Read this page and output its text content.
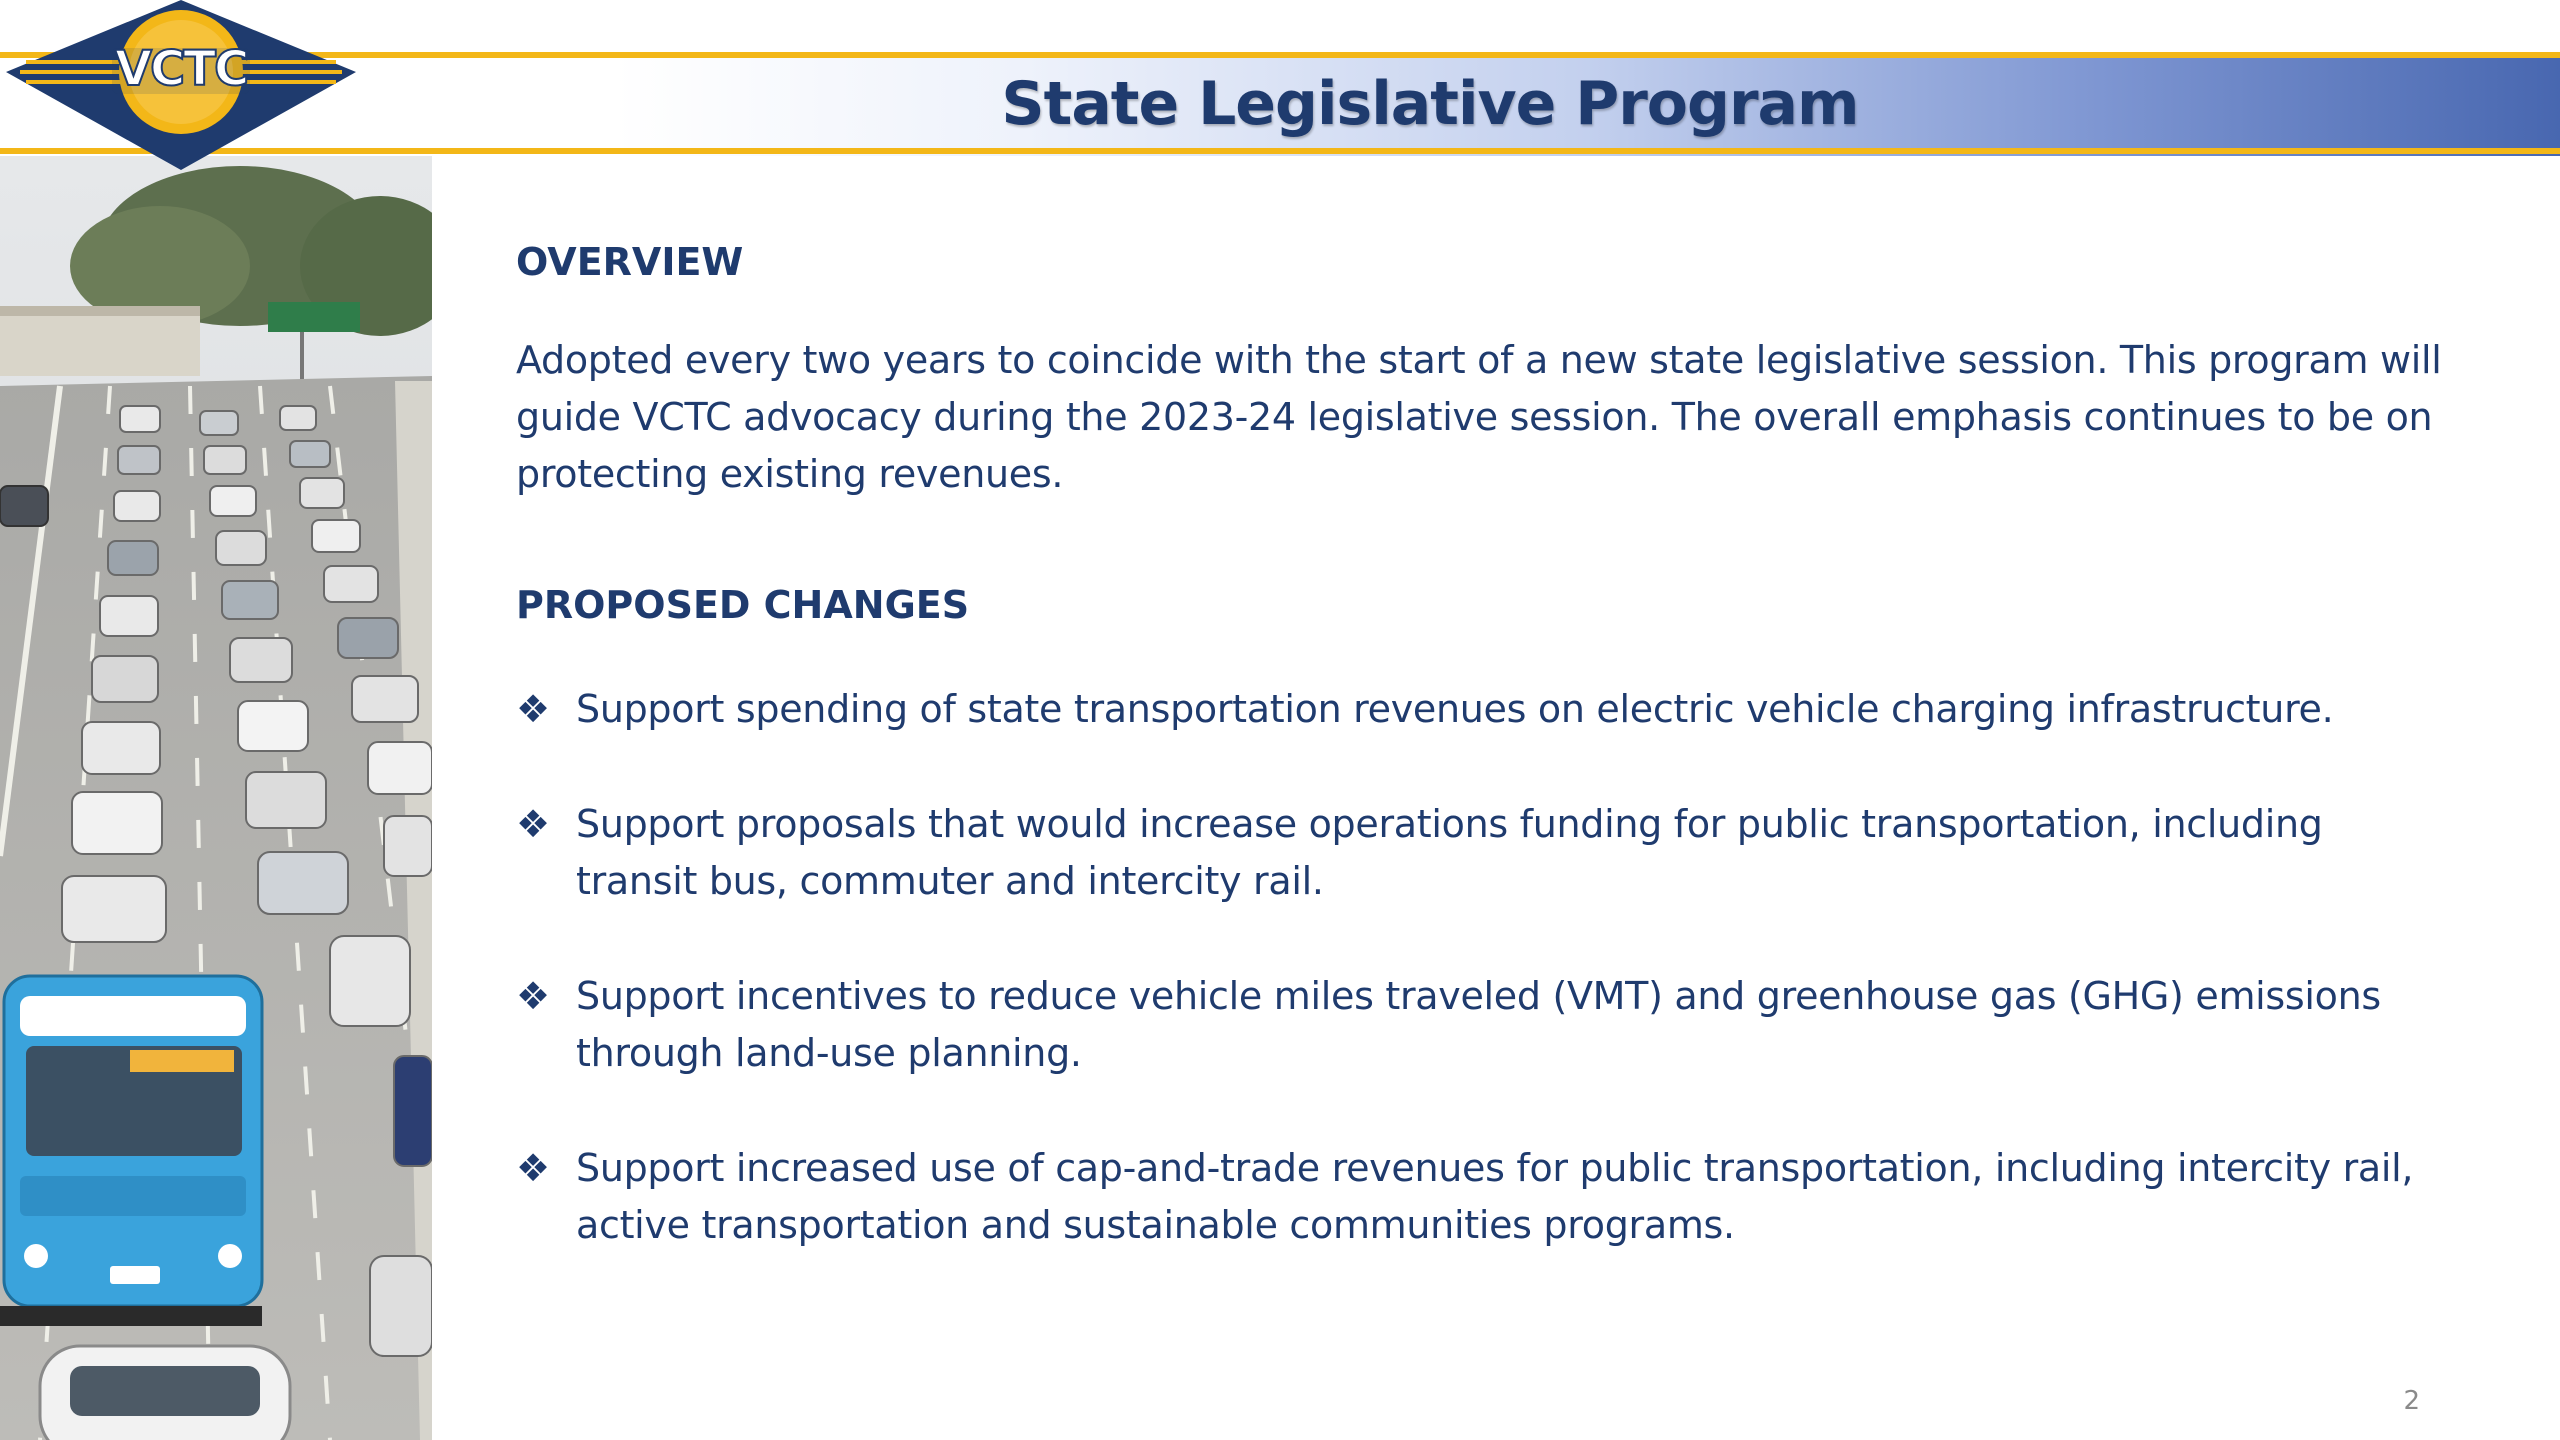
State Legislative Program
VCTC
OVERVIEW

Adopted every two years to coincide with the start of a new state legislative session. This program will guide VCTC advocacy during the 2023-24 legislative session. The overall emphasis continues to be on protecting existing revenues.

PROPOSED CHANGES
❖ Support spending of state transportation revenues on electric vehicle charging infrastructure.
❖ Support proposals that would increase operations funding for public transportation, including transit bus, commuter and intercity rail.
❖ Support incentives to reduce vehicle miles traveled (VMT) and greenhouse gas (GHG) emissions through land-use planning.
❖ Support increased use of cap-and-trade revenues for public transportation, including intercity rail, active transportation and sustainable communities programs.
2
